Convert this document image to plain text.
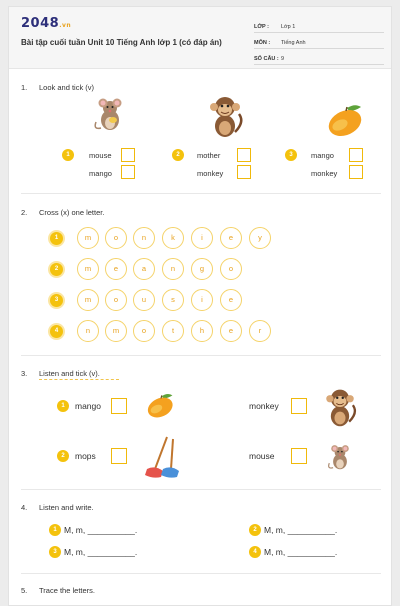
2048.vn
Bài tập cuối tuần Unit 10 Tiếng Anh lớp 1 (có đáp án)
LỚP :	Lớp 1
MÔN :	Tiếng Anh
SỐ CÂU : 9
1. Look and tick (v)
1	mouse
mango
2	mother
monkey
3	mango
monkey
2. Cross (x) one letter.
1	m	o	n	k	i	e	y
2	m	e	a	n	g	o
3	m	o	u	s	i	e
4	n	m	o	t	h	e	r
3. Listen and tick (v).
1	mango	monkey
2	mops	mouse
4. Listen and write.
1 M, m, __________.	2 M, m, __________.
3 M, m, __________.	4 M, m, __________.
5. Trace the letters.
